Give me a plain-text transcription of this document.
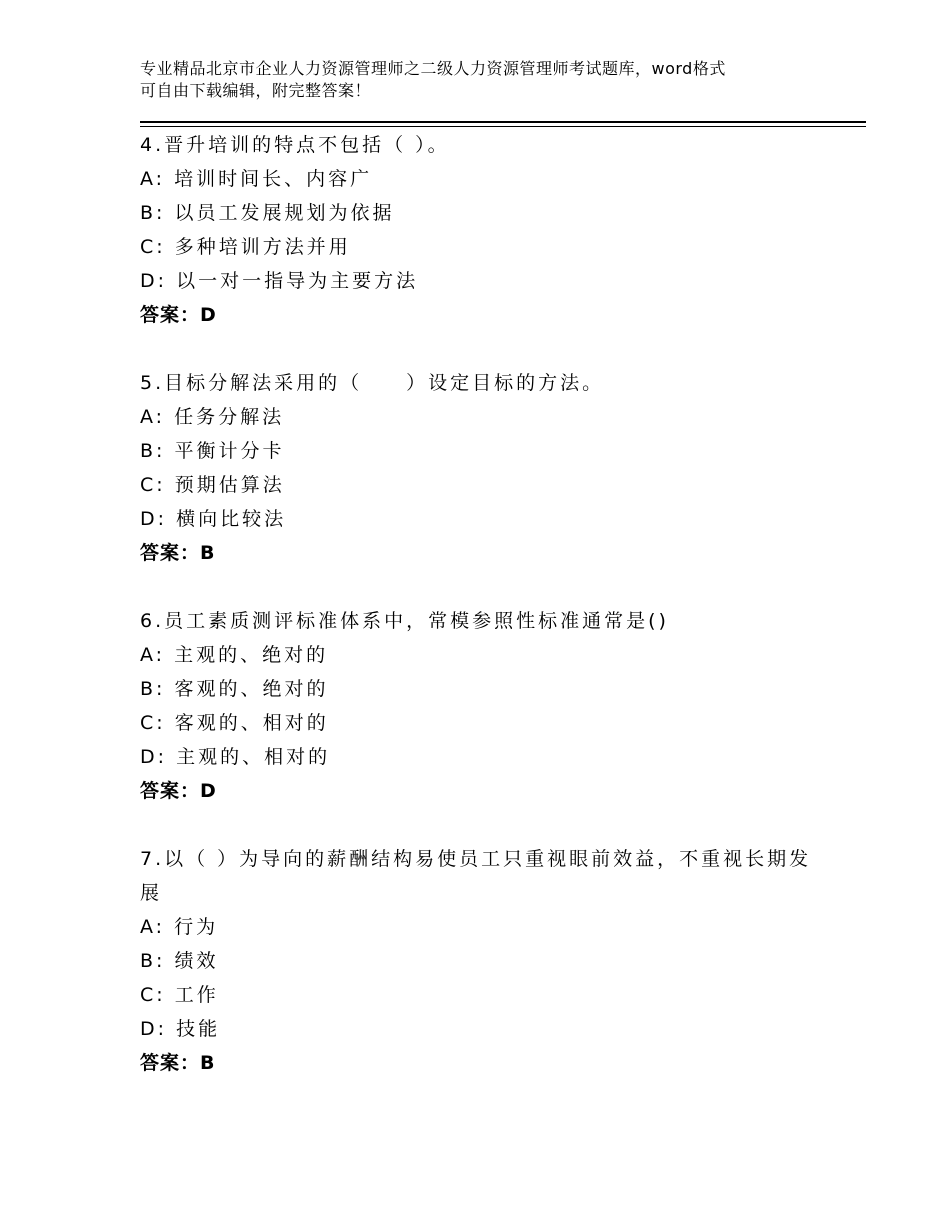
专业精品北京市企业人力资源管理师之二级人力资源管理师考试题库，word格式
可自由下载编辑，附完整答案！
4.晋升培训的特点不包括（ ）。
A: 培训时间长、内容广
B: 以员工发展规划为依据
C: 多种培训方法并用
D: 以一对一指导为主要方法
答案：D
5.目标分解法采用的（　　）设定目标的方法。
A: 任务分解法
B: 平衡计分卡
C: 预期估算法
D: 横向比较法
答案：B
6.员工素质测评标准体系中，常模参照性标准通常是()
A: 主观的、绝对的
B: 客观的、绝对的
C: 客观的、相对的
D: 主观的、相对的
答案：D
7.以（ ）为导向的薪酬结构易使员工只重视眼前效益，不重视长期发展
A: 行为
B: 绩效
C: 工作
D: 技能
答案：B
